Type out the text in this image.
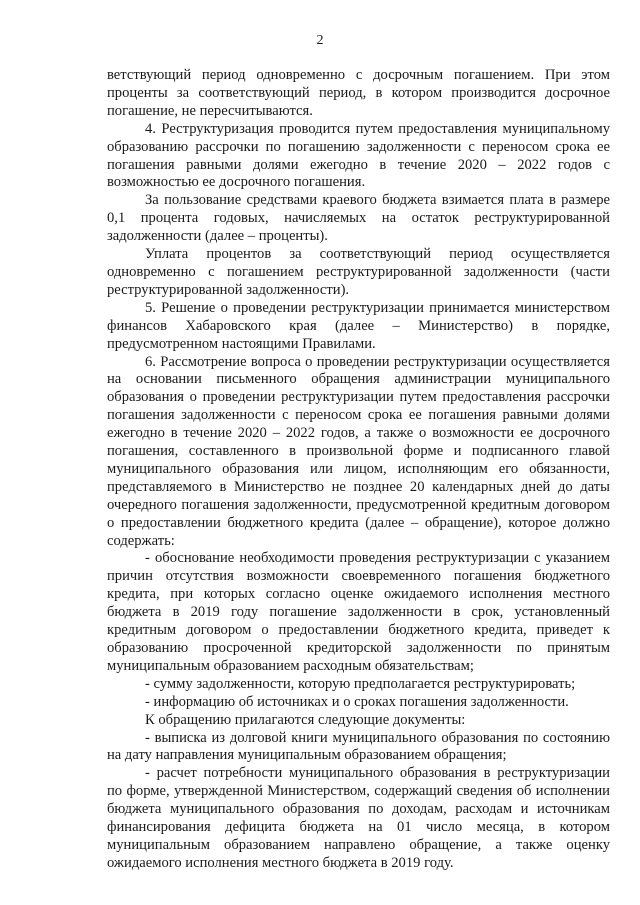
2

ветствующий период одновременно с досрочным погашением. При этом проценты за соответствующий период, в котором производится досрочное погашение, не пересчитываются.

4. Реструктуризация проводится путем предоставления муниципальному образованию рассрочки по погашению задолженности с переносом срока ее погашения равными долями ежегодно в течение 2020 – 2022 годов с возможностью ее досрочного погашения.

За пользование средствами краевого бюджета взимается плата в размере 0,1 процента годовых, начисляемых на остаток реструктурированной задолженности (далее – проценты).

Уплата процентов за соответствующий период осуществляется одновременно с погашением реструктурированной задолженности (части реструктурированной задолженности).

5. Решение о проведении реструктуризации принимается министерством финансов Хабаровского края (далее – Министерство) в порядке, предусмотренном настоящими Правилами.

6. Рассмотрение вопроса о проведении реструктуризации осуществляется на основании письменного обращения администрации муниципального образования о проведении реструктуризации путем предоставления рассрочки погашения задолженности с переносом срока ее погашения равными долями ежегодно в течение 2020 – 2022 годов, а также о возможности ее досрочного погашения, составленного в произвольной форме и подписанного главой муниципального образования или лицом, исполняющим его обязанности, представляемого в Министерство не позднее 20 календарных дней до даты очередного погашения задолженности, предусмотренной кредитным договором о предоставлении бюджетного кредита (далее – обращение), которое должно содержать:

- обоснование необходимости проведения реструктуризации с указанием причин отсутствия возможности своевременного погашения бюджетного кредита, при которых согласно оценке ожидаемого исполнения местного бюджета в 2019 году погашение задолженности в срок, установленный кредитным договором о предоставлении бюджетного кредита, приведет к образованию просроченной кредиторской задолженности по принятым муниципальным образованием расходным обязательствам;

- сумму задолженности, которую предполагается реструктурировать;

- информацию об источниках и о сроках погашения задолженности.

К обращению прилагаются следующие документы:

- выписка из долговой книги муниципального образования по состоянию на дату направления муниципальным образованием обращения;

- расчет потребности муниципального образования в реструктуризации по форме, утвержденной Министерством, содержащий сведения об исполнении бюджета муниципального образования по доходам, расходам и источникам финансирования дефицита бюджета на 01 число месяца, в котором муниципальным образованием направлено обращение, а также оценку ожидаемого исполнения местного бюджета в 2019 году.
